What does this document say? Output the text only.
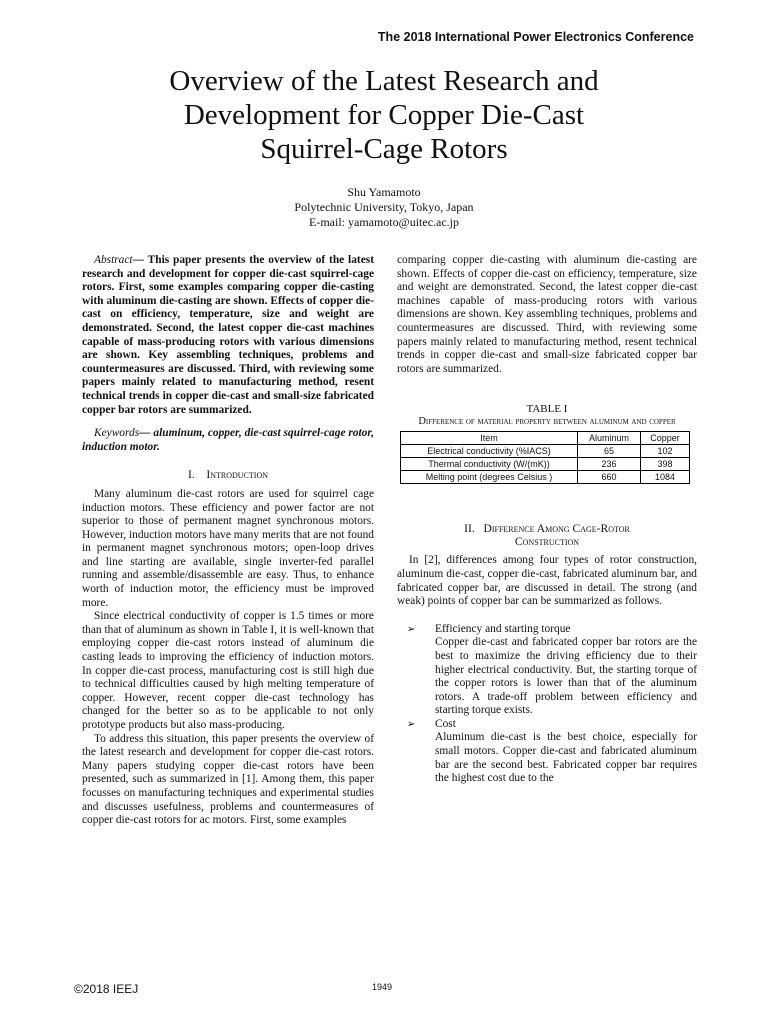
The 2018 International Power Electronics Conference
Overview of the Latest Research and
Development for Copper Die-Cast
Squirrel-Cage Rotors
Shu Yamamoto
Polytechnic University, Tokyo, Japan
E-mail: yamamoto@uitec.ac.jp

Abstract— This paper presents the overview of the latest research and development for copper die-cast squirrel-cage rotors. First, some examples comparing copper die-casting with aluminum die-casting are shown. Effects of copper die-cast on efficiency, temperature, size and weight are demonstrated. Second, the latest copper die-cast machines capable of mass-producing rotors with various dimensions are shown. Key assembling techniques, problems and countermeasures are discussed. Third, with reviewing some papers mainly related to manufacturing method, resent technical trends in copper die-cast and small-size fabricated copper bar rotors are summarized.

Keywords— aluminum, copper, die-cast squirrel-cage rotor, induction motor.

I. Introduction

Many aluminum die-cast rotors are used for squirrel cage induction motors. These efficiency and power factor are not superior to those of permanent magnet synchronous motors. However, induction motors have many merits that are not found in permanent magnet synchronous motors; open-loop drives and line starting are available, single inverter-fed parallel running and assemble/disassemble are easy. Thus, to enhance worth of induction motor, the efficiency must be improved more.

Since electrical conductivity of copper is 1.5 times or more than that of aluminum as shown in Table I, it is well-known that employing copper die-cast rotors instead of aluminum die casting leads to improving the efficiency of induction motors. In copper die-cast process, manufacturing cost is still high due to technical difficulties caused by high melting temperature of copper. However, recent copper die-cast technology has changed for the better so as to be applicable to not only prototype products but also mass-producing.

To address this situation, this paper presents the overview of the latest research and development for copper die-cast rotors. Many papers studying copper die-cast rotors have been presented, such as summarized in [1]. Among them, this paper focusses on manufacturing techniques and experimental studies and discusses usefulness, problems and countermeasures of copper die-cast rotors for ac motors. First, some examples

comparing copper die-casting with aluminum die-casting are shown. Effects of copper die-cast on efficiency, temperature, size and weight are demonstrated. Second, the latest copper die-cast machines capable of mass-producing rotors with various dimensions are shown. Key assembling techniques, problems and countermeasures are discussed. Third, with reviewing some papers mainly related to manufacturing method, resent technical trends in copper die-cast and small-size fabricated copper bar rotors are summarized.

TABLE I
Difference of material property between aluminum and copper
Item	Aluminum	Copper
Electrical conductivity (%IACS)	65	102
Thermal conductivity (W/(mK))	236	398
Melting point (degrees Celsius )	660	1084
II. Difference Among Cage-Rotor
Construction

In [2], differences among four types of rotor construction, aluminum die-cast, copper die-cast, fabricated aluminum bar, and fabricated copper bar, are discussed in detail. The strong (and weak) points of copper bar can be summarized as follows.

➢ Efficiency and starting torque
Copper die-cast and fabricated copper bar rotors are the best to maximize the driving efficiency due to their higher electrical conductivity. But, the starting torque of the copper rotors is lower than that of the aluminum rotors. A trade-off problem between efficiency and starting torque exists.

➢ Cost
Aluminum die-cast is the best choice, especially for small motors. Copper die-cast and fabricated aluminum bar are the second best. Fabricated copper bar requires the highest cost due to the

©2018 IEEJ	1949
